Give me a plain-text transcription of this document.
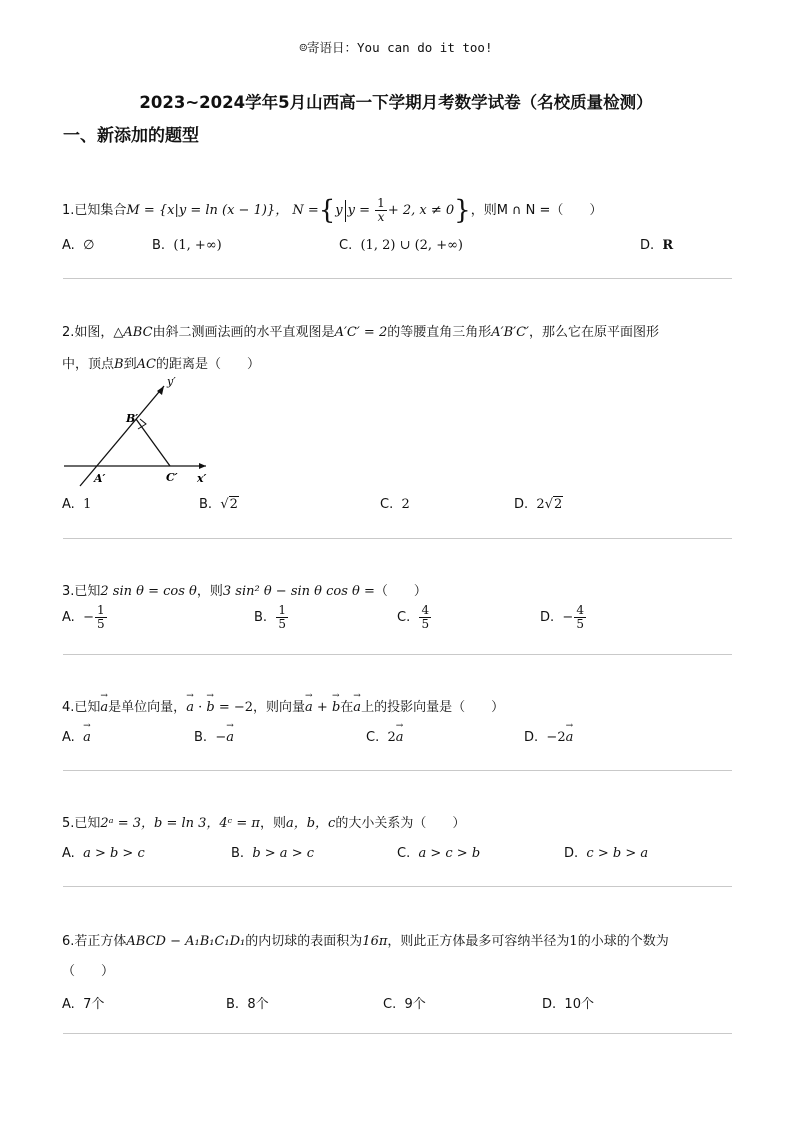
☺寄语日：You can do it too!
2023~2024学年5月山西高一下学期月考数学试卷（名校质量检测）
一、新添加的题型
1.已知集合M = {x|y = ln (x − 1)}， N ={y $y = \frac{1}{x} + 2$, x ≠ 0}，则M ∩ N =（　　）
A. ∅	B. (1, +∞)	C. (1, 2) ∪ (2, +∞)	D. R
2.如图，△ABC由斜二测画法画的水平直观图是A′C′ = 2的等腰直角三角形A′B′C′，那么它在原平面图形
中，顶点B到AC的距离是（　　）
y′
x′
A′
B′
C′
A. 1	B. √2	C. 2	D. 2√2
3.已知2 sin θ = cos θ，则3 sin² θ − sin θ cos θ =（　　）
A. − $\frac{1}{5}$	B. $\frac{1}{5}$	C. $\frac{4}{5}$	D. − $\frac{4}{5}$
4.已知a →是单位向量，a → · b → = −2，则向量a → + b →在a →上的投影向量是（　　）
A. a →	B. −a →	C. 2a →	D. −2a →
5.已知2ᵃ = 3，b = ln 3，4ᶜ = π，则a，b，c的大小关系为（　　）
A. a > b > c	B. b > a > c	C. a > c > b	D. c > b > a
6.若正方体ABCD − A₁B₁C₁D₁的内切球的表面积为16π，则此正方体最多可容纳半径为1的小球的个数为
（　　）
A. 7个	B. 8个	C. 9个	D. 10个
